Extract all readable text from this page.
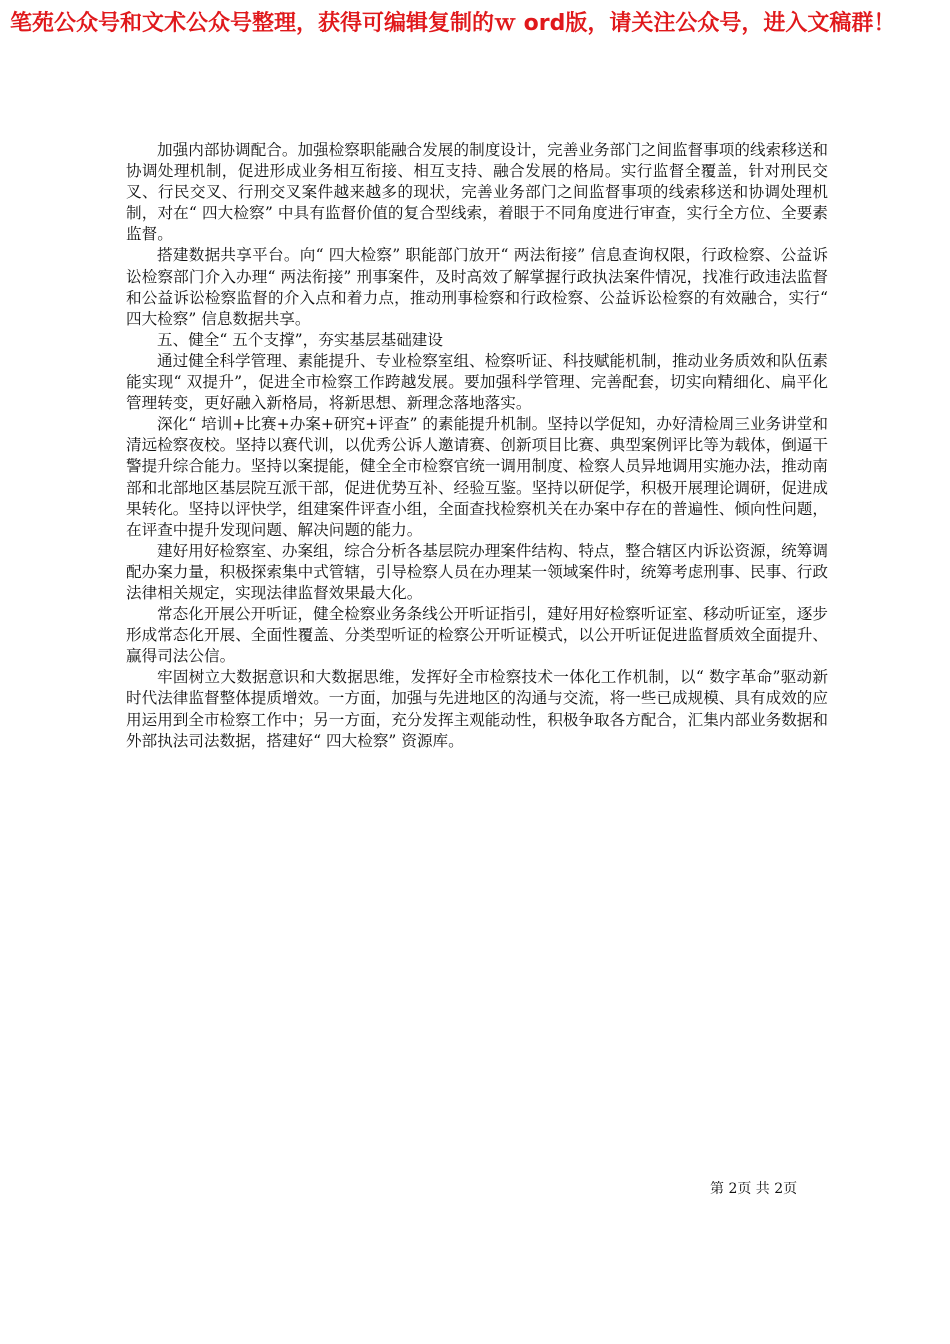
笔苑公众号和文术公众号整理，获得可编辑复制的ｗ ord版，请关注公众号，进入文稿群！

加强内部协调配合。加强检察职能融合发展的制度设计，完善业务部门之间监督事项的线索移送和协调处理机制，促进形成业务相互衔接、相互支持、融合发展的格局。实行监督全覆盖，针对刑民交叉、行民交叉、行刑交叉案件越来越多的现状，完善业务部门之间监督事项的线索移送和协调处理机制，对在“ 四大检察” 中具有监督价值的复合型线索，着眼于不同角度进行审查，实行全方位、全要素监督。

搭建数据共享平台。向“ 四大检察” 职能部门放开“ 两法衔接” 信息查询权限，行政检察、公益诉讼检察部门介入办理“ 两法衔接” 刑事案件，及时高效了解掌握行政执法案件情况，找准行政违法监督和公益诉讼检察监督的介入点和着力点，推动刑事检察和行政检察、公益诉讼检察的有效融合，实行“ 四大检察” 信息数据共享。

五、健全“ 五个支撑”，夯实基层基础建设

通过健全科学管理、素能提升、专业检察室组、检察听证、科技赋能机制，推动业务质效和队伍素能实现“ 双提升”，促进全市检察工作跨越发展。要加强科学管理、完善配套，切实向精细化、扁平化管理转变，更好融入新格局，将新思想、新理念落地落实。

深化“ 培训+比赛+办案+研究+评查” 的素能提升机制。坚持以学促知，办好清检周三业务讲堂和清远检察夜校。坚持以赛代训，以优秀公诉人邀请赛、创新项目比赛、典型案例评比等为载体，倒逼干警提升综合能力。坚持以案提能，健全全市检察官统一调用制度、检察人员异地调用实施办法，推动南部和北部地区基层院互派干部，促进优势互补、经验互鉴。坚持以研促学，积极开展理论调研，促进成果转化。坚持以评快学，组建案件评查小组，全面查找检察机关在办案中存在的普遍性、倾向性问题，在评查中提升发现问题、解决问题的能力。

建好用好检察室、办案组，综合分析各基层院办理案件结构、特点，整合辖区内诉讼资源，统筹调配办案力量，积极探索集中式管辖，引导检察人员在办理某一领域案件时，统筹考虑刑事、民事、行政法律相关规定，实现法律监督效果最大化。

常态化开展公开听证，健全检察业务条线公开听证指引，建好用好检察听证室、移动听证室，逐步形成常态化开展、全面性覆盖、分类型听证的检察公开听证模式，以公开听证促进监督质效全面提升、赢得司法公信。

牢固树立大数据意识和大数据思维，发挥好全市检察技术一体化工作机制，以“ 数字革命”驱动新时代法律监督整体提质增效。一方面，加强与先进地区的沟通与交流，将一些已成规模、具有成效的应用运用到全市检察工作中；另一方面，充分发挥主观能动性，积极争取各方配合，汇集内部业务数据和外部执法司法数据，搭建好“ 四大检察” 资源库。

第 2页 共 2页
